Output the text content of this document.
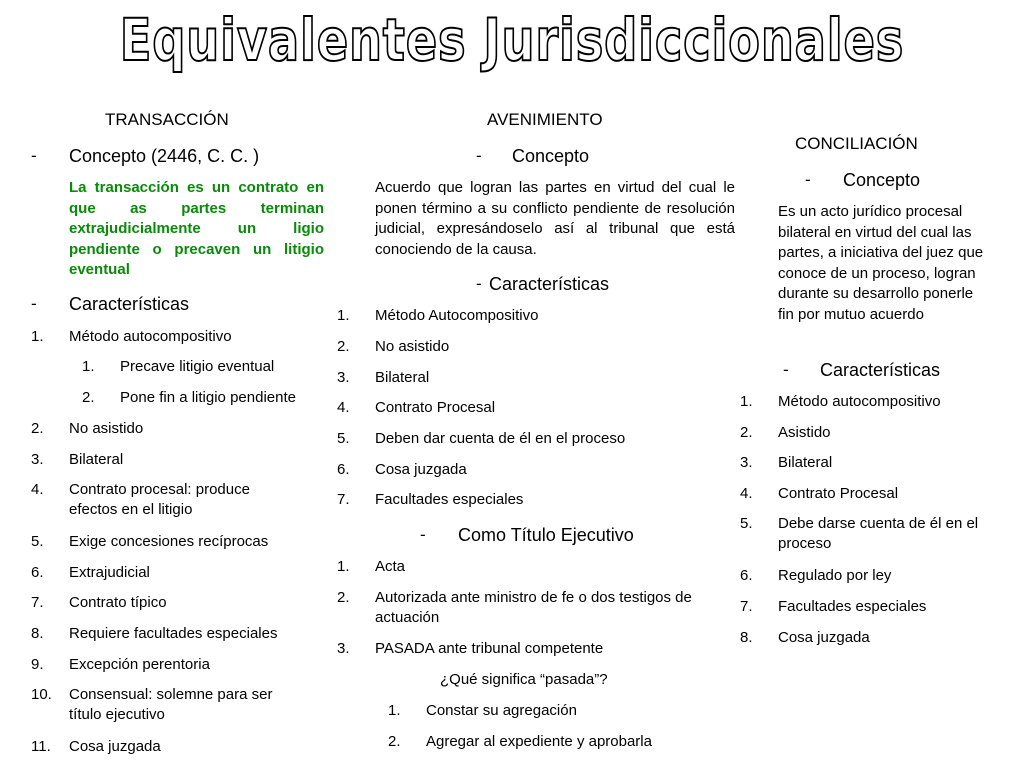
Equivalentes Jurisdiccionales
TRANSACCIÓN
- Concepto (2446, C. C. )
La transacción es un contrato en que as partes terminan extrajudicialmente un ligio pendiente o precaven un litigio eventual
- Características
1. Método autocompositivo
1. Precave litigio eventual
2. Pone fin a litigio pendiente
2. No asistido
3. Bilateral
4. Contrato procesal: produce efectos en el litigio
5. Exige concesiones recíprocas
6. Extrajudicial
7. Contrato típico
8. Requiere facultades especiales
9. Excepción perentoria
10. Consensual: solemne para ser título ejecutivo
11. Cosa juzgada
AVENIMIENTO
- Concepto
Acuerdo que logran las partes en virtud del cual le ponen término a su conflicto pendiente de resolución judicial, expresándoselo así al tribunal que está conociendo de la causa.
- Características
1. Método Autocompositivo
2. No asistido
3. Bilateral
4. Contrato Procesal
5. Deben dar cuenta de él en el proceso
6. Cosa juzgada
7. Facultades especiales
- Como Título Ejecutivo
1. Acta
2. Autorizada ante ministro de fe o dos testigos de actuación
3. PASADA ante tribunal competente
¿Qué significa “pasada”?
1. Constar su agregación
2. Agregar al expediente y aprobarla
CONCILIACIÓN
- Concepto
Es un acto jurídico procesal bilateral en virtud del cual las partes, a iniciativa del juez que conoce de un proceso, logran durante su desarrollo ponerle fin por mutuo acuerdo
- Características
1. Método autocompositivo
2. Asistido
3. Bilateral
4. Contrato Procesal
5. Debe darse cuenta de él en el proceso
6. Regulado por ley
7. Facultades especiales
8. Cosa juzgada
